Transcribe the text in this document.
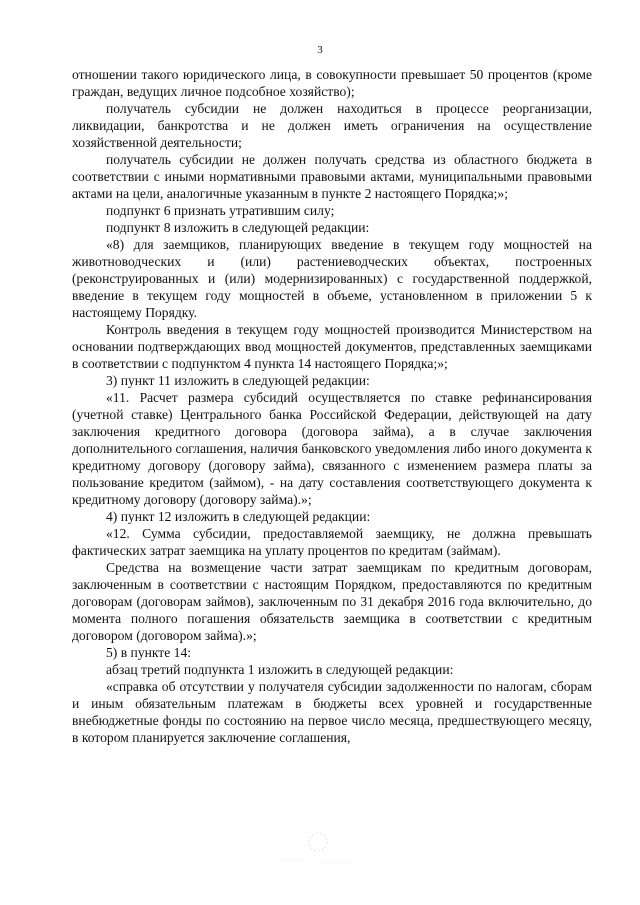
3

отношении такого юридического лица, в совокупности превышает 50 процентов (кроме граждан, ведущих личное подсобное хозяйство);

получатель субсидии не должен находиться в процессе реорганизации, ликвидации, банкротства и не должен иметь ограничения на осуществление хозяйственной деятельности;

получатель субсидии не должен получать средства из областного бюджета в соответствии с иными нормативными правовыми актами, муниципальными правовыми актами на цели, аналогичные указанным в пункте 2 настоящего Порядка;»;

подпункт 6 признать утратившим силу;

подпункт 8 изложить в следующей редакции:

«8) для заемщиков, планирующих введение в текущем году мощностей на животноводческих и (или) растениеводческих объектах, построенных (реконструированных и (или) модернизированных) с государственной поддержкой, введение в текущем году мощностей в объеме, установленном в приложении 5 к настоящему Порядку.

Контроль введения в текущем году мощностей производится Министерством на основании подтверждающих ввод мощностей документов, представленных заемщиками в соответствии с подпунктом 4 пункта 14 настоящего Порядка;»;

3) пункт 11 изложить в следующей редакции:

«11. Расчет размера субсидий осуществляется по ставке рефинансирования (учетной ставке) Центрального банка Российской Федерации, действующей на дату заключения кредитного договора (договора займа), а в случае заключения дополнительного соглашения, наличия банковского уведомления либо иного документа к кредитному договору (договору займа), связанного с изменением размера платы за пользование кредитом (займом), - на дату составления соответствующего документа к кредитному договору (договору займа).»;

4) пункт 12 изложить в следующей редакции:

«12. Сумма субсидии, предоставляемой заемщику, не должна превышать фактических затрат заемщика на уплату процентов по кредитам (займам).

Средства на возмещение части затрат заемщикам по кредитным договорам, заключенным в соответствии с настоящим Порядком, предоставляются по кредитным договорам (договорам займов), заключенным по 31 декабря 2016 года включительно, до момента полного погашения обязательств заемщика в соответствии с кредитным договором (договором займа).»;

5) в пункте 14:

абзац третий подпункта 1 изложить в следующей редакции:

«справка об отсутствии у получателя субсидии задолженности по налогам, сборам и иным обязательным платежам в бюджеты всех уровней и государственные внебюджетные фонды по состоянию на первое число месяца, предшествующего месяцу, в котором планируется заключение соглашения,
